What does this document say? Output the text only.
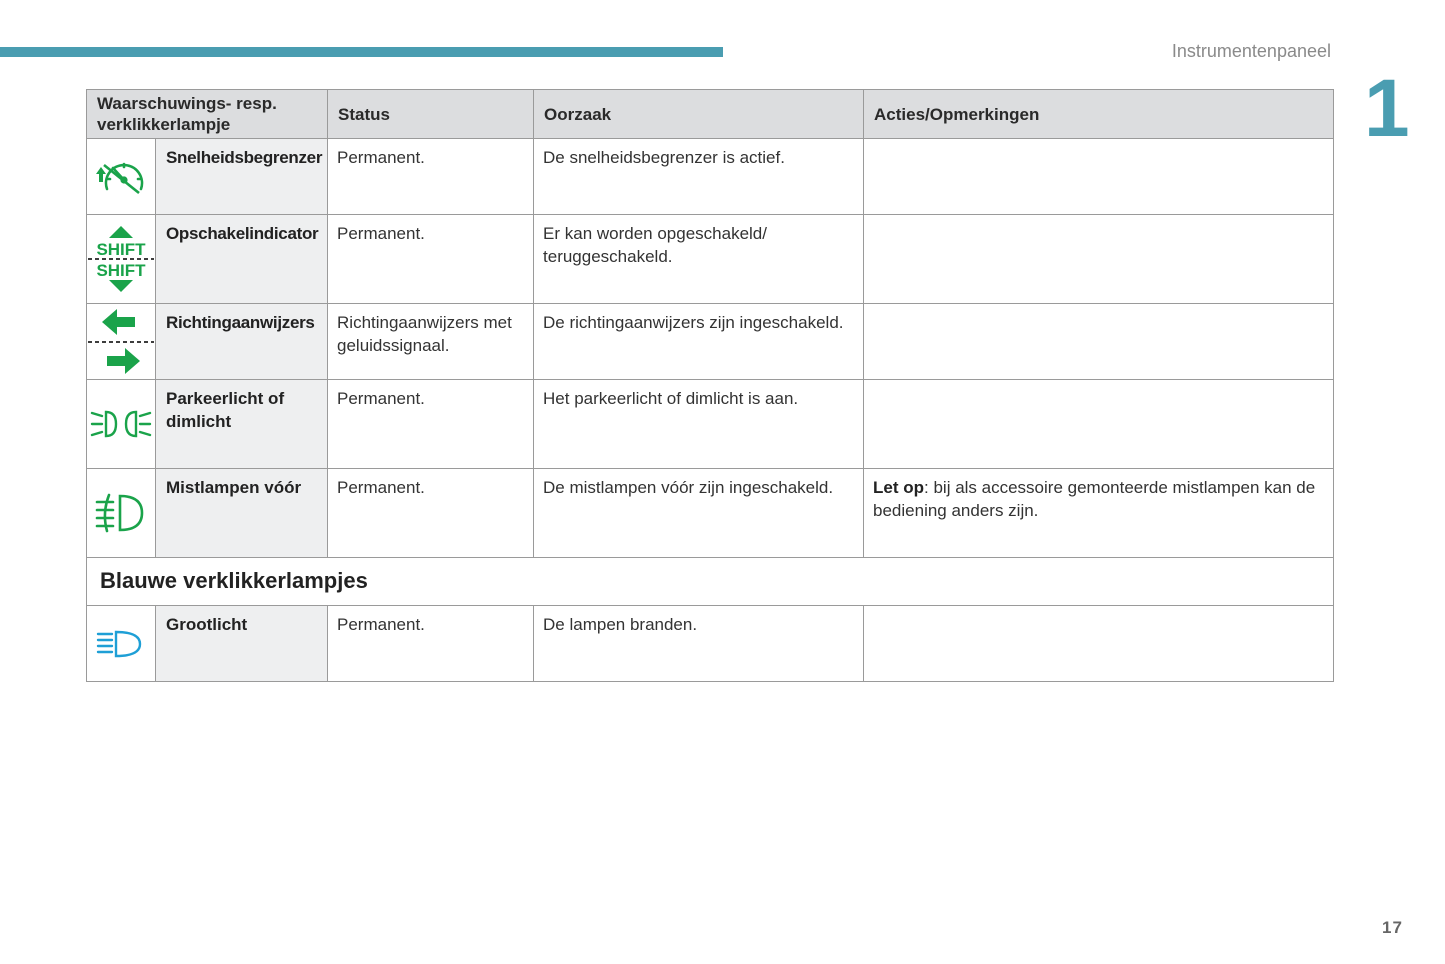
Instrumentenpaneel
1
Waarschuwings- resp. verklikkerlampje		Status	Oorzaak	Acties/Opmerkingen

	Snelheidsbegrenzer	Permanent.	De snelheidsbegrenzer is actief.	

SHIFT
SHIFT	Opschakelindicator	Permanent.	Er kan worden opgeschakeld/ teruggeschakeld.	

	Richtingaanwijzers	Richtingaanwijzers met geluidssignaal.	De richtingaanwijzers zijn ingeschakeld.	

	Parkeerlicht of dimlicht	Permanent.	Het parkeerlicht of dimlicht is aan.	

	Mistlampen vóór	Permanent.	De mistlampen vóór zijn ingeschakeld.	Let op: bij als accessoire gemonteerde mistlampen kan de bediening anders zijn.
Blauwe verklikkerlampjes				

	Grootlicht	Permanent.	De lampen branden.	
17
